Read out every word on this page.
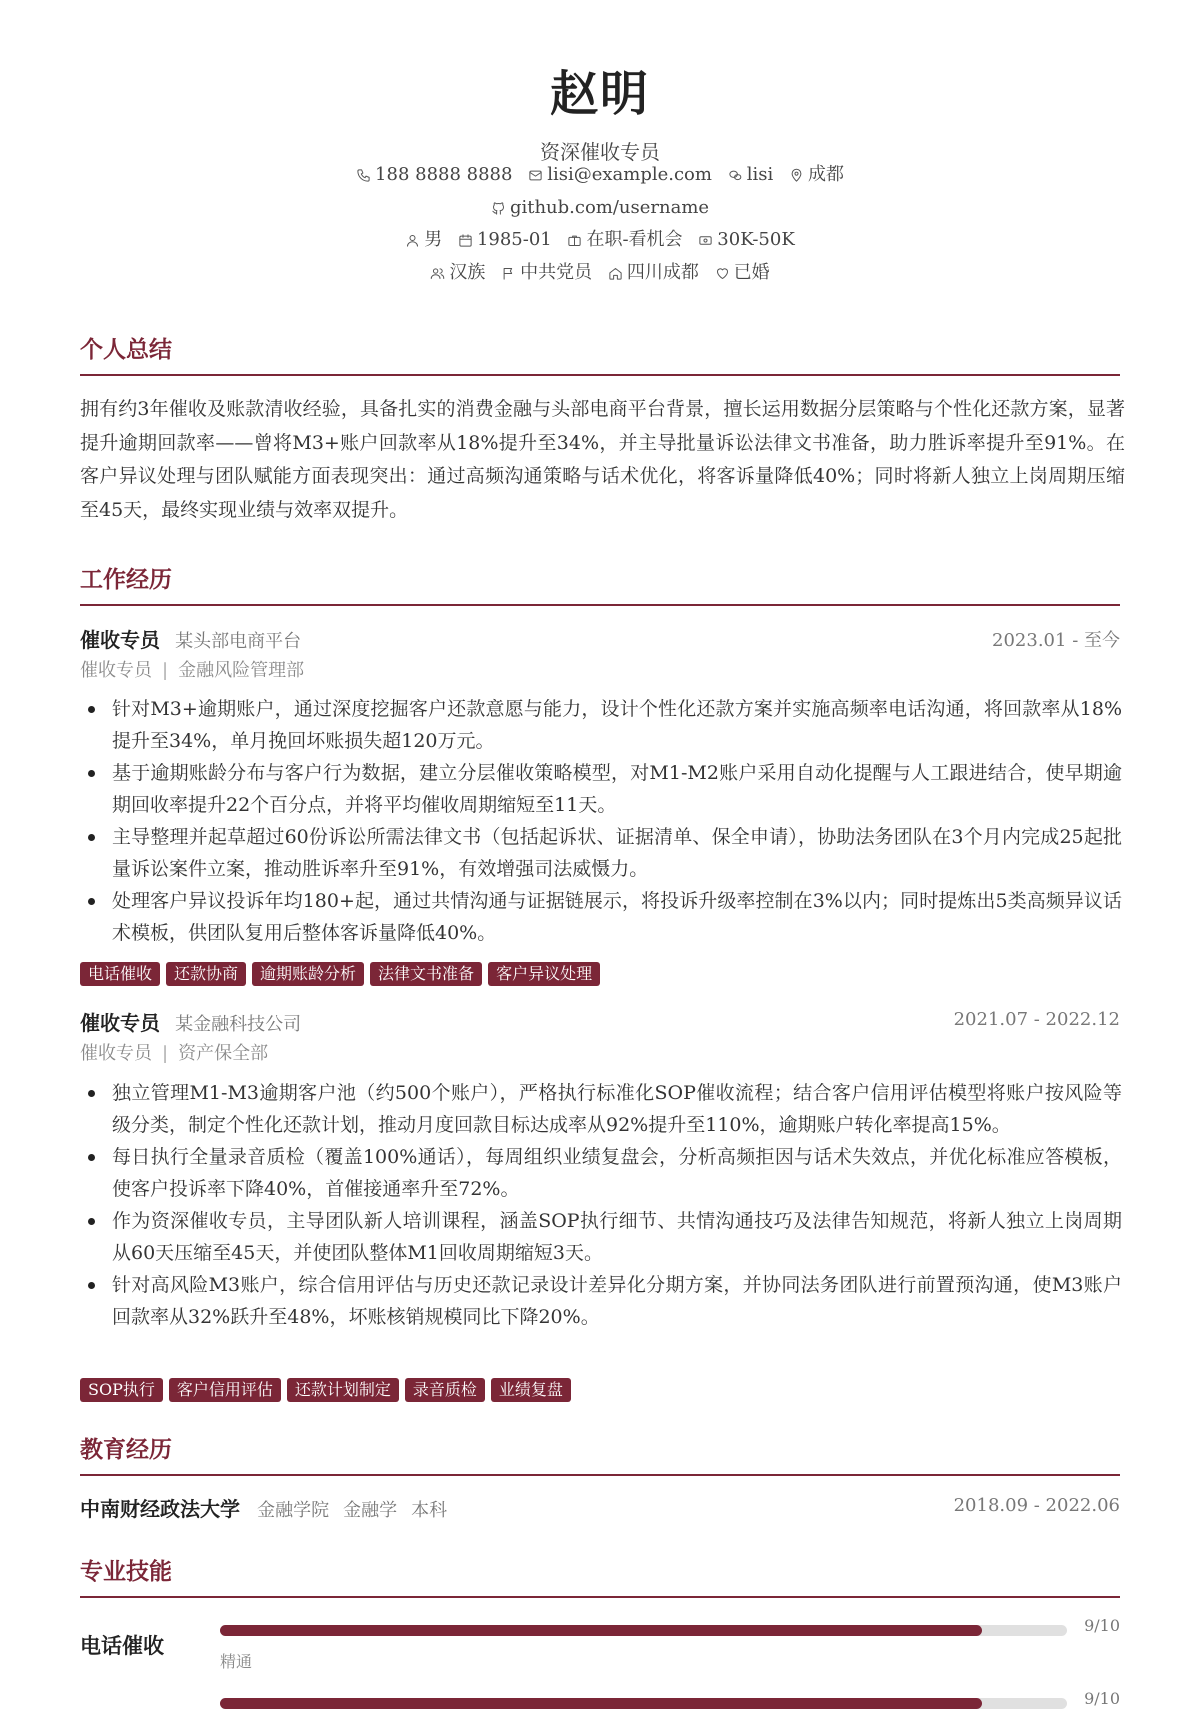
赵明
资深催收专员
188 8888 8888
lisi@example.com
lisi
成都
github.com/username
男
1985-01
在职-看机会
30K-50K
汉族
中共党员
四川成都
已婚
个人总结
拥有约3年催收及账款清收经验，具备扎实的消费金融与头部电商平台背景，擅长运用数据分层策略与个性化还款方案，显著提升逾期回款率——曾将M3+账户回款率从18%提升至34%，并主导批量诉讼法律文书准备，助力胜诉率提升至91%。在客户异议处理与团队赋能方面表现突出：通过高频沟通策略与话术优化，将客诉量降低40%；同时将新人独立上岗周期压缩至45天，最终实现业绩与效率双提升。
工作经历
催收专员 某头部电商平台	2023.01 - 至今
催收专员 | 金融风险管理部
针对M3+逾期账户，通过深度挖掘客户还款意愿与能力，设计个性化还款方案并实施高频率电话沟通，将回款率从18%提升至34%，单月挽回坏账损失超120万元。
基于逾期账龄分布与客户行为数据，建立分层催收策略模型，对M1-M2账户采用自动化提醒与人工跟进结合，使早期逾期回收率提升22个百分点，并将平均催收周期缩短至11天。
主导整理并起草超过60份诉讼所需法律文书（包括起诉状、证据清单、保全申请），协助法务团队在3个月内完成25起批量诉讼案件立案，推动胜诉率升至91%，有效增强司法威慑力。
处理客户异议投诉年均180+起，通过共情沟通与证据链展示，将投诉升级率控制在3%以内；同时提炼出5类高频异议话术模板，供团队复用后整体客诉量降低40%。
电话催收	还款协商	逾期账龄分析	法律文书准备	客户异议处理
催收专员 某金融科技公司	2021.07 - 2022.12
催收专员 | 资产保全部
独立管理M1-M3逾期客户池（约500个账户），严格执行标准化SOP催收流程；结合客户信用评估模型将账户按风险等级分类，制定个性化还款计划，推动月度回款目标达成率从92%提升至110%，逾期账户转化率提高15%。
每日执行全量录音质检（覆盖100%通话），每周组织业绩复盘会，分析高频拒因与话术失效点，并优化标准应答模板，使客户投诉率下降40%，首催接通率升至72%。
作为资深催收专员，主导团队新人培训课程，涵盖SOP执行细节、共情沟通技巧及法律告知规范，将新人独立上岗周期从60天压缩至45天，并使团队整体M1回收周期缩短3天。
针对高风险M3账户，综合信用评估与历史还款记录设计差异化分期方案，并协同法务团队进行前置预沟通，使M3账户回款率从32%跃升至48%，坏账核销规模同比下降20%。
SOP执行	客户信用评估	还款计划制定	录音质检	业绩复盘
教育经历
中南财经政法大学 金融学院 金融学 本科	2018.09 - 2022.06
专业技能
电话催收
9/10
精通
9/10
